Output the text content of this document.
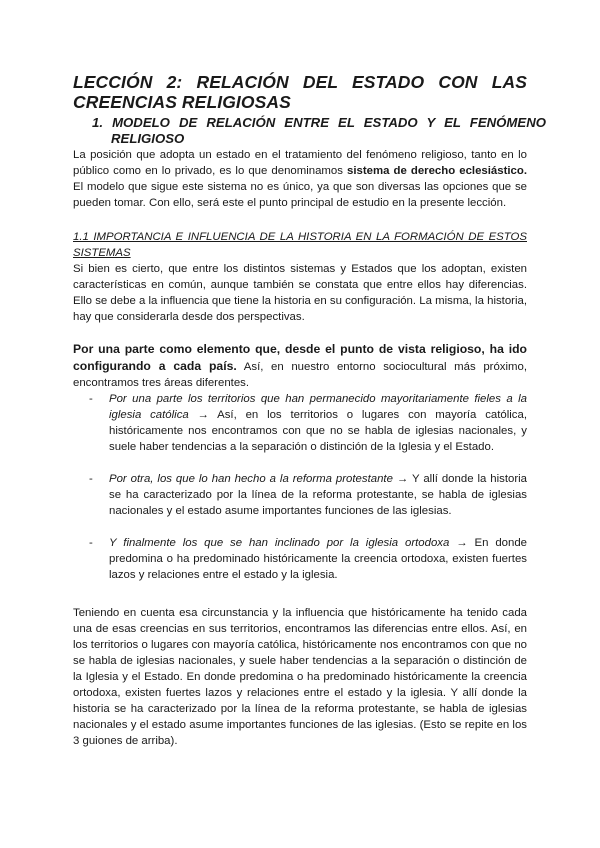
LECCIÓN 2: RELACIÓN DEL ESTADO CON LAS CREENCIAS RELIGIOSAS
1. MODELO DE RELACIÓN ENTRE EL ESTADO Y EL FENÓMENO RELIGIOSO

La posición que adopta un estado en el tratamiento del fenómeno religioso, tanto en lo público como en lo privado, es lo que denominamos sistema de derecho eclesiástico. El modelo que sigue este sistema no es único, ya que son diversas las opciones que se pueden tomar. Con ello, será este el punto principal de estudio en la presente lección.

1.1 IMPORTANCIA E INFLUENCIA DE LA HISTORIA EN LA FORMACIÓN DE ESTOS SISTEMAS

Si bien es cierto, que entre los distintos sistemas y Estados que los adoptan, existen características en común, aunque también se constata que entre ellos hay diferencias. Ello se debe a la influencia que tiene la historia en su configuración. La misma, la historia, hay que considerarla desde dos perspectivas.

Por una parte como elemento que, desde el punto de vista religioso, ha ido configurando a cada país. Así, en nuestro entorno sociocultural más próximo, encontramos tres áreas diferentes.

- Por una parte los territorios que han permanecido mayoritariamente fieles a la iglesia católica → Así, en los territorios o lugares con mayoría católica, históricamente nos encontramos con que no se habla de iglesias nacionales, y suele haber tendencias a la separación o distinción de la Iglesia y el Estado.
- Por otra, los que lo han hecho a la reforma protestante → Y allí donde la historia se ha caracterizado por la línea de la reforma protestante, se habla de iglesias nacionales y el estado asume importantes funciones de las iglesias.
- Y finalmente los que se han inclinado por la iglesia ortodoxa → En donde predomina o ha predominado históricamente la creencia ortodoxa, existen fuertes lazos y relaciones entre el estado y la iglesia.

Teniendo en cuenta esa circunstancia y la influencia que históricamente ha tenido cada una de esas creencias en sus territorios, encontramos las diferencias entre ellos. Así, en los territorios o lugares con mayoría católica, históricamente nos encontramos con que no se habla de iglesias nacionales, y suele haber tendencias a la separación o distinción de la Iglesia y el Estado. En donde predomina o ha predominado históricamente la creencia ortodoxa, existen fuertes lazos y relaciones entre el estado y la iglesia. Y allí donde la historia se ha caracterizado por la línea de la reforma protestante, se habla de iglesias nacionales y el estado asume importantes funciones de las iglesias. (Esto se repite en los 3 guiones de arriba).
